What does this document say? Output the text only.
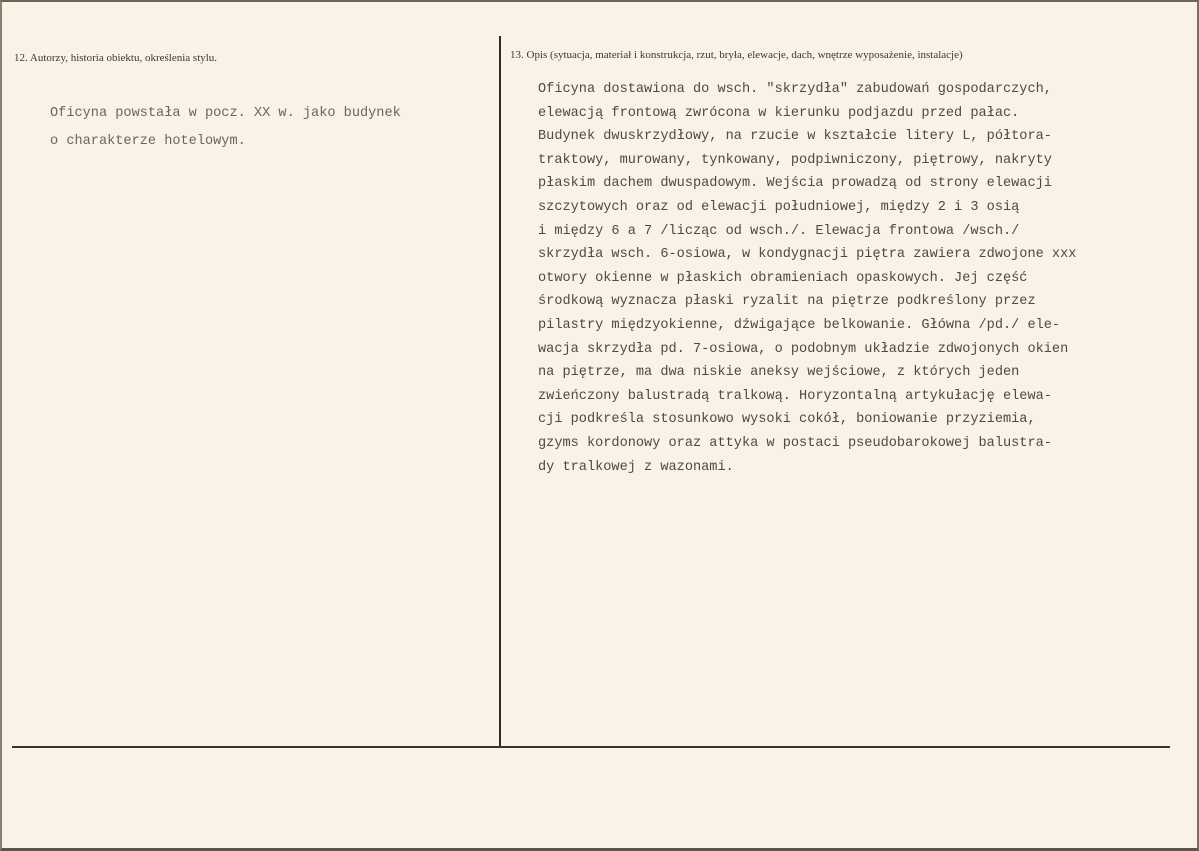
12. Autorzy, historia obiektu, określenia stylu.
Oficyna powstała w pocz. XX w. jako budynek
o charakterze hotelowym.
13. Opis (sytuacja, materiał i konstrukcja, rzut, bryła, elewacje, dach, wnętrze wyposażenie, instalacje)
Oficyna dostawiona do wsch. "skrzydła" zabudowań gospodarczych,
elewacją frontową zwrócona w kierunku podjazdu przed pałac.
Budynek dwuskrzydłowy, na rzucie w kształcie litery L, półtora-
traktowy, murowany, tynkowany, podpiwniczony, piętrowy, nakryty
płaskim dachem dwuspadowym. Wejścia prowadzą od strony elewacji
szczytowych oraz od elewacji południowej, między 2 i 3 osią
i między 6 a 7 /licząc od wsch./. Elewacja frontowa /wsch./
skrzydła wsch. 6-osiowa, w kondygnacji piętra zawiera zdwojone xxx
otwory okienne w płaskich obramieniach opaskowych. Jej część
środkową wyznacza płaski ryzalit na piętrze podkreślony przez
pilastry międzyokienne, dźwigające belkowanie. Główna /pd./ ele-
wacja skrzydła pd. 7-osiowa, o podobnym układzie zdwojonych okien
na piętrze, ma dwa niskie aneksy wejściowe, z których jeden
zwieńczony balustradą tralkową. Horyzontalną artykułację elewa-
cji podkreśla stosunkowo wysoki cokół, boniowanie przyziemia,
gzyms kordonowy oraz attyka w postaci pseudobarokowej balustra-
dy tralkowej z wazonami.
